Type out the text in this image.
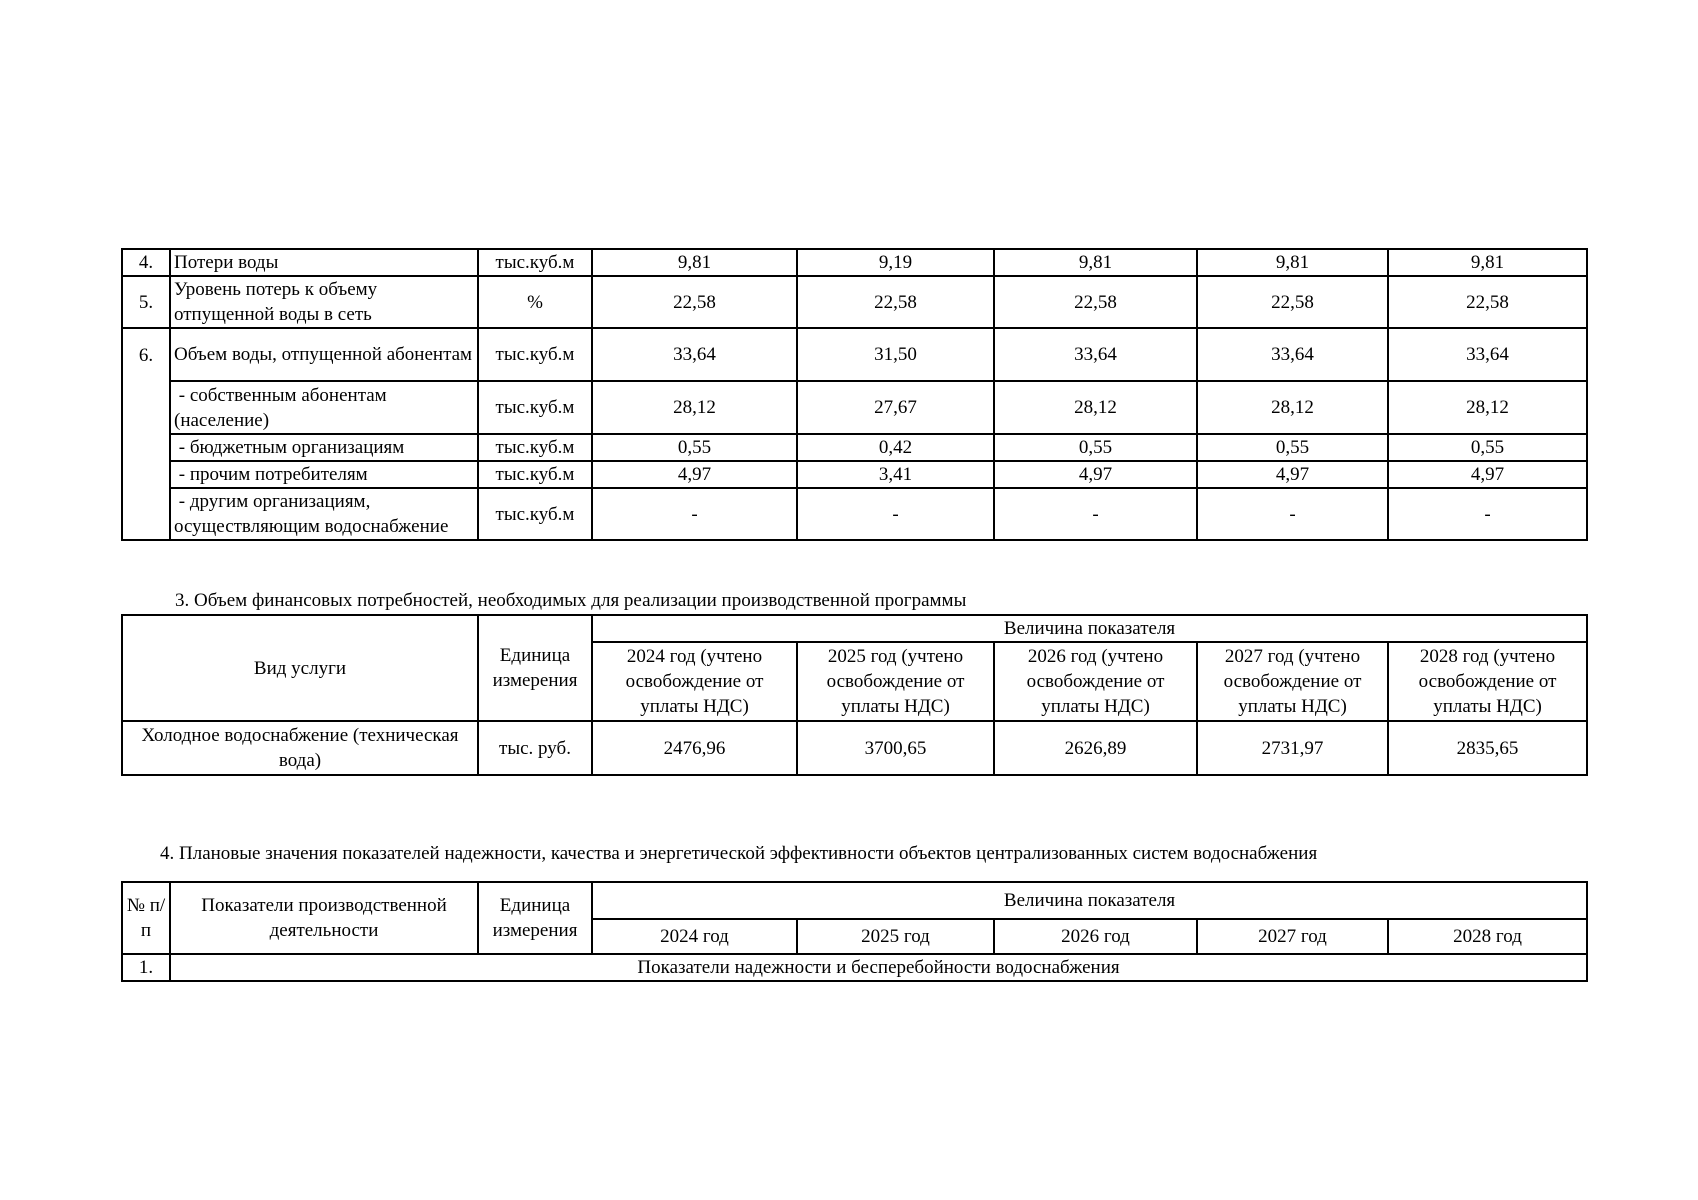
4.	Потери воды	тыс.куб.м	9,81	9,19	9,81	9,81	9,81
5.	Уровень потерь к объему отпущенной воды в сеть	%	22,58	22,58	22,58	22,58	22,58
6.	Объем воды, отпущенной абонентам	тыс.куб.м	33,64	31,50	33,64	33,64	33,64
	- собственным абонентам (население)	тыс.куб.м	28,12	27,67	28,12	28,12	28,12
	- бюджетным организациям	тыс.куб.м	0,55	0,42	0,55	0,55	0,55
	- прочим потребителям	тыс.куб.м	4,97	3,41	4,97	4,97	4,97
	- другим организациям, осуществляющим водоснабжение	тыс.куб.м	-	-	-	-	-
3. Объем финансовых потребностей, необходимых для реализации производственной программы
Вид услуги	Единица измерения	Величина показателя				
		2024 год (учтено освобождение от уплаты НДС)	2025 год (учтено освобождение от уплаты НДС)	2026 год (учтено освобождение от уплаты НДС)	2027 год (учтено освобождение от уплаты НДС)	2028 год (учтено освобождение от уплаты НДС)
Холодное водоснабжение (техническая вода)	тыс. руб.	2476,96	3700,65	2626,89	2731,97	2835,65
4. Плановые значения показателей надежности, качества и энергетической эффективности объектов централизованных систем водоснабжения
№ п/п	Показатели производственной деятельности	Единица измерения	Величина показателя				
			2024 год	2025 год	2026 год	2027 год	2028 год
1.	Показатели надежности и бесперебойности водоснабжения						
